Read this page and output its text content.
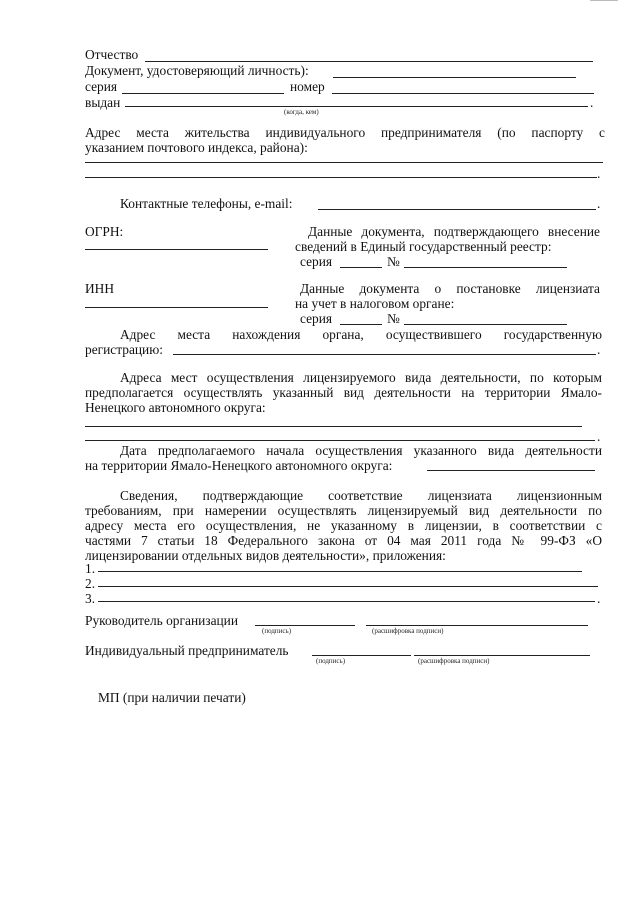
Отчество
Документ, удостоверяющий личность):
серия	номер
выдан	.
(когда, кем)
Адрес места жительства индивидуального предпринимателя (по паспорту с
указанием почтового индекса, района):
.
Контактные телефоны, e-mail:	.
ОГРН:	Данные документа, подтверждающего внесение
сведений в Единый государственный реестр:
серия	№
ИНН	Данные документа о постановке лицензиата
на учет в налоговом органе:
серия	№
Адрес места нахождения органа, осуществившего государственную
регистрацию:	.
Адреса мест осуществления лицензируемого вида деятельности, по которым
предполагается осуществлять указанный вид деятельности на территории Ямало-
Ненецкого автономного округа:
.
Дата предполагаемого начала осуществления указанного вида деятельности
на территории Ямало-Ненецкого автономного округа:
Сведения, подтверждающие соответствие лицензиата лицензионным
требованиям, при намерении осуществлять лицензируемый вид деятельности по
адресу места его осуществления, не указанному в лицензии, в соответствии с
частями 7 статьи 18 Федерального закона от 04 мая 2011 года № 99-ФЗ «О
лицензировании отдельных видов деятельности», приложения:
1.
2.
3.	.
Руководитель организации
(подпись)	(расшифровка подписи)
Индивидуальный предприниматель
(подпись)	(расшифровка подписи)
МП (при наличии печати)
